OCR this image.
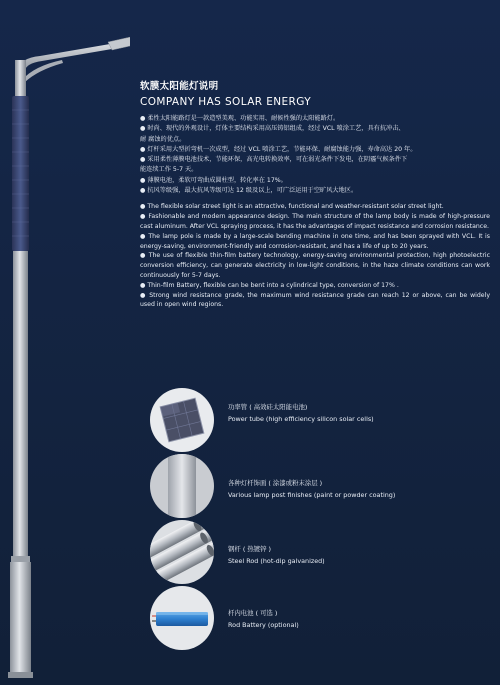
软膜太阳能灯说明
COMPANY HAS SOLAR ENERGY
● 柔性太阳能路灯是一款造型美观、功能实用、耐候性强的太阳能路灯。
● 时尚、现代的外观设计，灯体主要结构采用高压铸铝组成，经过 VCL 喷涂工艺，具有抗冲击、
耐 腐蚀的优点。
● 灯杆采用大型折弯机一次成型，经过 VCL 喷涂工艺，节能环保、耐腐蚀能力强，寿命高达 20 年。
● 采用柔性薄膜电池技术，节能环保，高光电转换效率，可在弱光条件下发电，在阴霾气候条件下
能连续工作 5-7 天。
● 薄膜电池，柔软可弯曲成圆柱型，转化率在 17%。
● 抗风等级强，最大抗风等级可达 12 级及以上，可广泛运用于空旷风大地区。
● The flexible solar street light is an attractive, functional and weather-resistant solar street light.
● Fashionable and modern appearance design. The main structure of the lamp body is made of high-pressure cast aluminum. After VCL spraying process, it has the advantages of impact resistance and corrosion resistance.
● The lamp pole is made by a large-scale bending machine in one time, and has been sprayed with VCL. It is energy-saving, environment-friendly and corrosion-resistant, and has a life of up to 20 years.
● The use of flexible thin-film battery technology, energy-saving environmental protection, high photoelectric conversion efficiency, can generate electricity in low-light conditions, in the haze climate conditions can work continuously for 5-7 days.
● Thin-film Battery, flexible can be bent into a cylindrical type, conversion of 17% .
● Strong wind resistance grade, the maximum wind resistance grade can reach 12 or above, can be widely used in open wind regions.

功率管 ( 高效硅太阳能电池)

Power tube (high efficiency silicon solar cells)

各种灯杆饰面 ( 涂漆或粉末涂层 )

Various lamp post finishes (paint or powder coating)

钢杆 ( 热镀锌 )

Steel Rod (hot-dip galvanized)

杆内电池 ( 可选 )

Rod Battery (optional)
